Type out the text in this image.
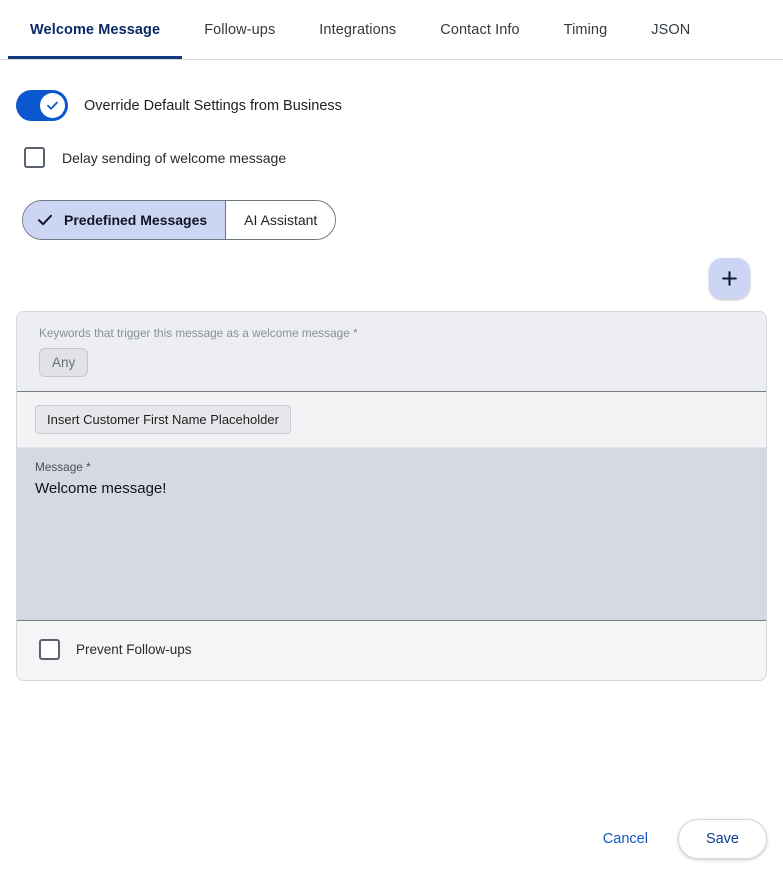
Welcome Message	Follow-ups	Integrations	Contact Info	Timing	JSON
Override Default Settings from Business
Delay sending of welcome message
Predefined Messages	AI Assistant
Keywords that trigger this message as a welcome message *
Any
Insert Customer First Name Placeholder
Message *
Welcome message!
Prevent Follow-ups
Cancel	Save
